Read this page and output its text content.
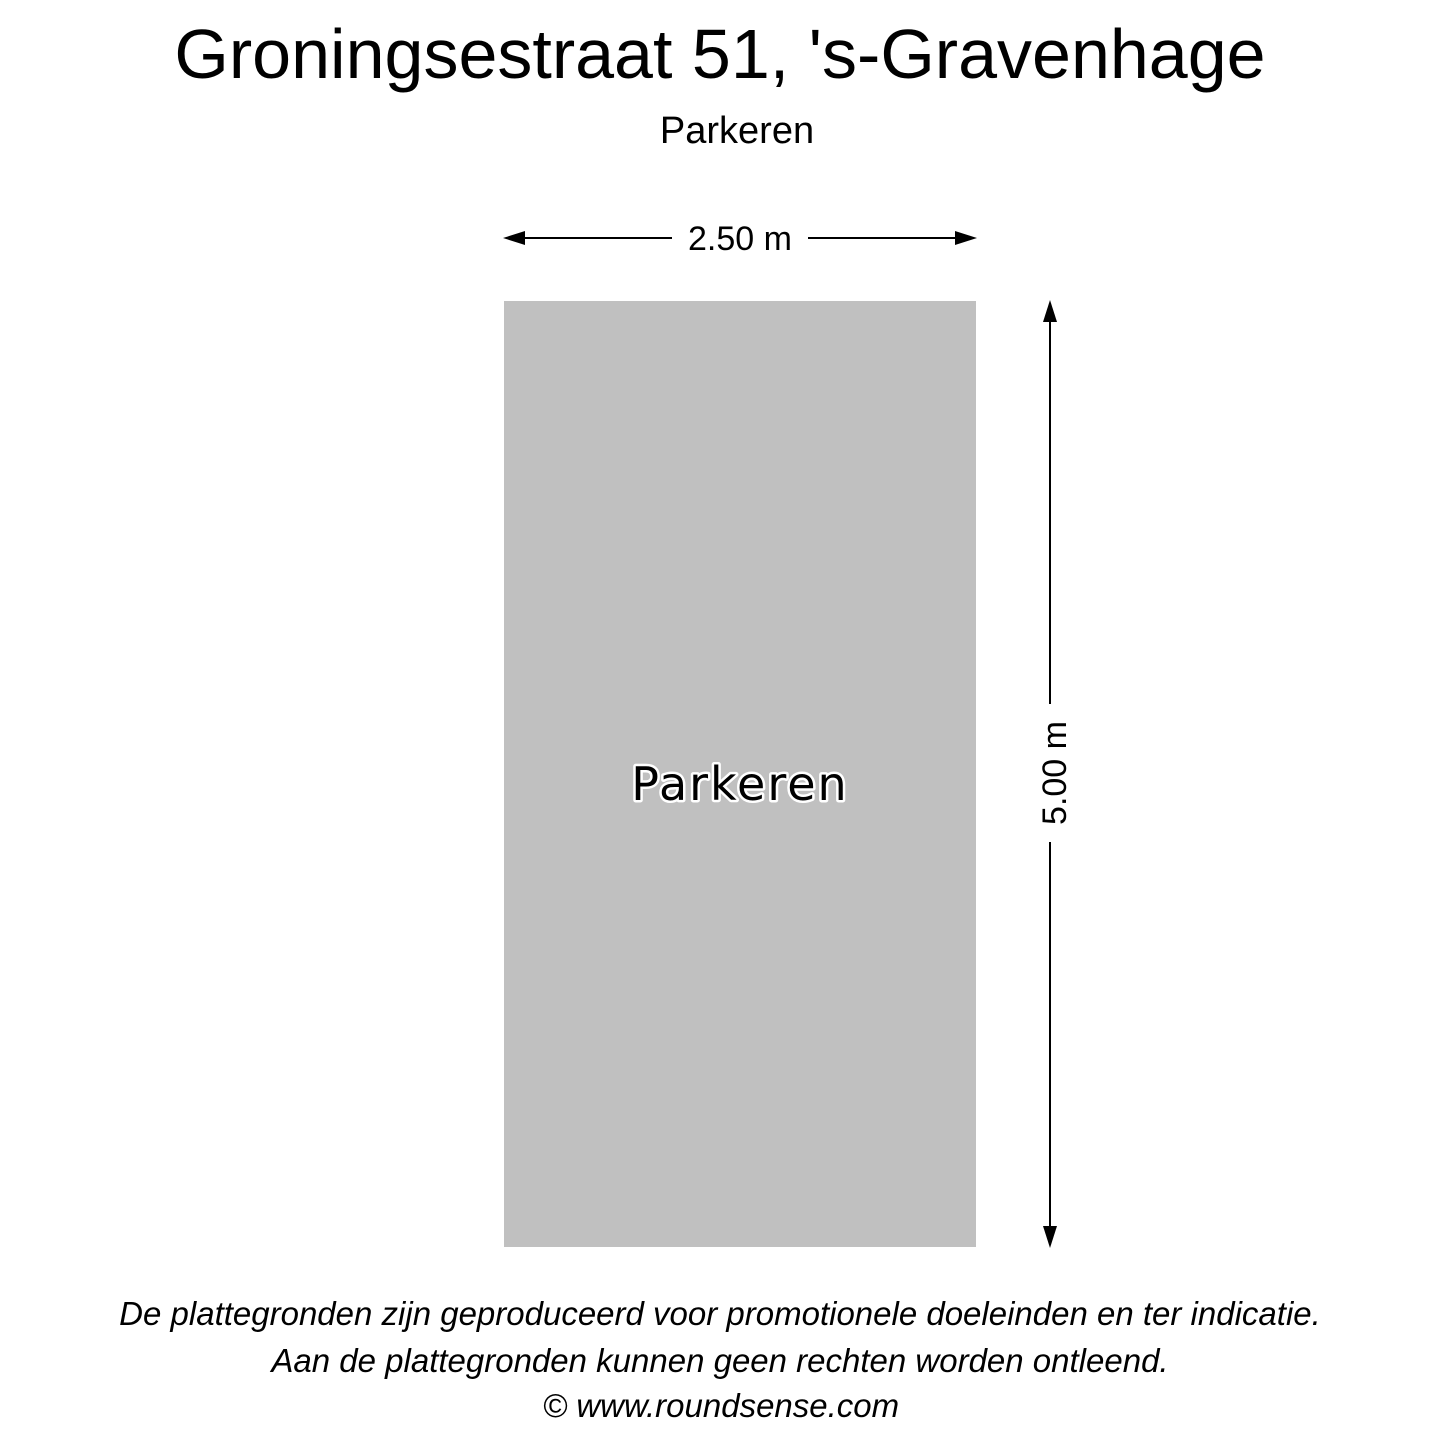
Groningsestraat 51, 's-Gravenhage
Parkeren
Parkeren
2.50 m
5.00 m
De plattegronden zijn geproduceerd voor promotionele doeleinden en ter indicatie.
Aan de plattegronden kunnen geen rechten worden ontleend.
© www.roundsense.com
